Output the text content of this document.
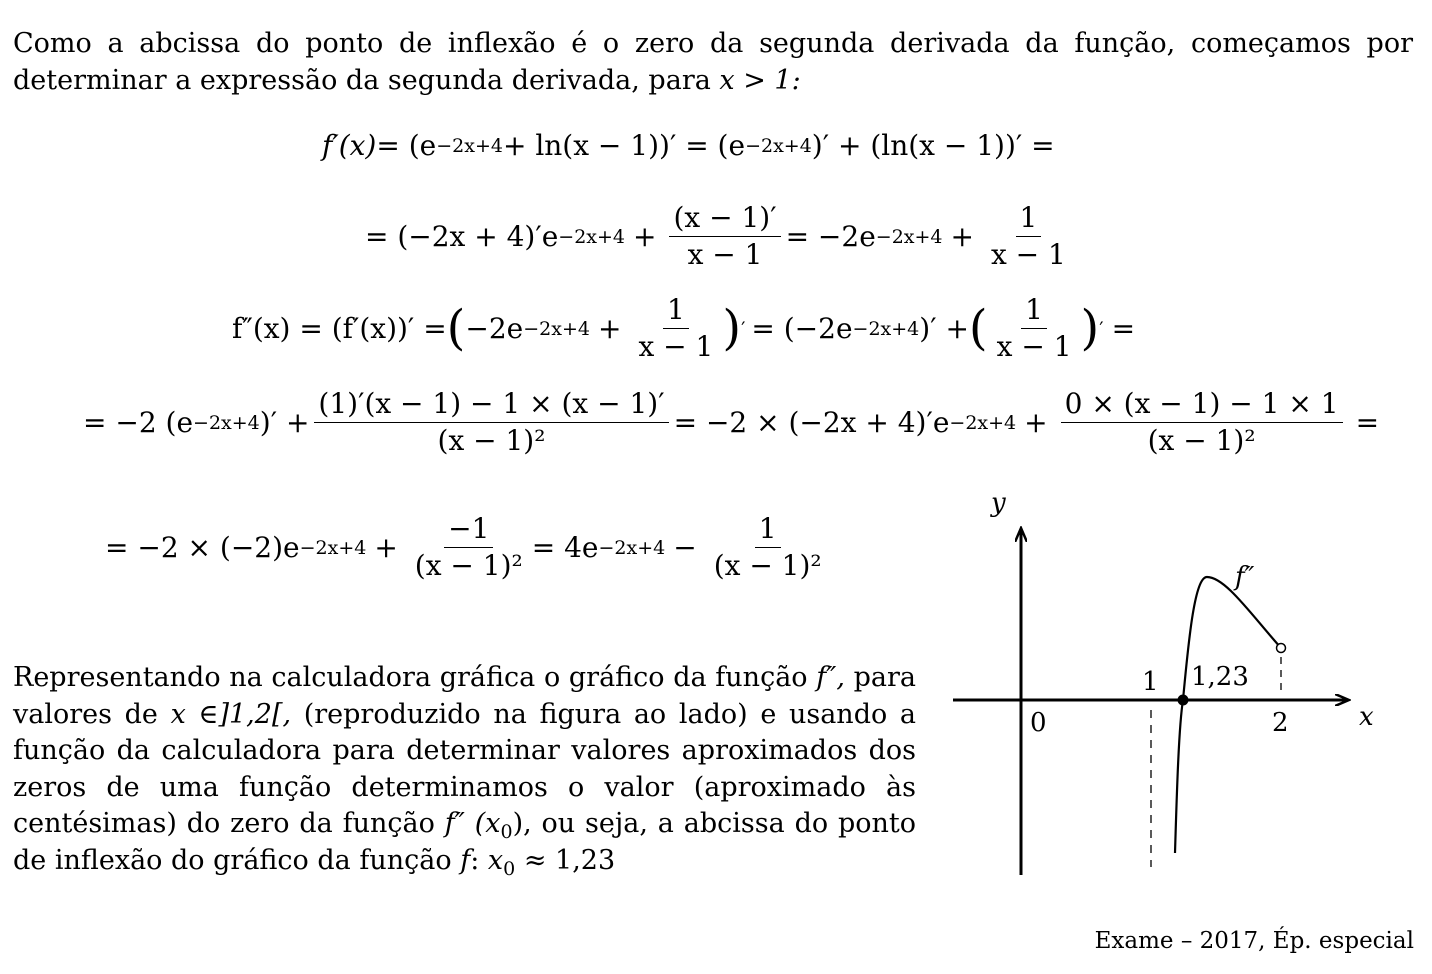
Como a abcissa do ponto de inflexão é o zero da segunda derivada da função, começamos por determinar a expressão da segunda derivada, para x > 1:

f′(x) = (e −2x+4 + ln(x − 1))′ = (e −2x+4 )′ + (ln(x − 1))′ =
= $(-2x + 4)'e -2x+4 + \frac{(x - 1)'}{x - 1} = -2e -2x+4 + \frac{1}{x - 1}$
f″(x) = (f′(x))′ = ( $-2e -2x+4 + \frac{1}{x - 1}$ ) ′ = (−2e −2x+4 )′ + ( $\frac{1}{x - 1}$ ) ′ =
= −2 (e −2x+4 )′ + $\frac{(1)'(x - 1) - 1 \times (x - 1)'}{\text{(x − 1)²}} = -2 \times (-2x + 4)'e -2x+4 + \frac{0 \times (x - 1) - 1 \times 1}{\text{(x − 1)²}}$ =
= $-2 \times (-2)e -2x+4 + \frac{-1}{\text{(x − 1)²}} = 4e -2x+4 - \frac{1}{\text{(x − 1)²}}$

Representando na calculadora gráfica o gráfico da função f″, para valores de x ∈]1,2[, (reproduzido na figura ao lado) e usando a função da calculadora para determinar valores aproximados dos zeros de uma função determinamos o valor (aproximado às centésimas) do zero da função f″ $(x_0)$, ou seja, a abcissa do ponto de inflexão do gráfico da função f: $x_0 \approx 1,23$

y
x
0
1
2
1,23
f″
Exame – 2017, Ép. especial
